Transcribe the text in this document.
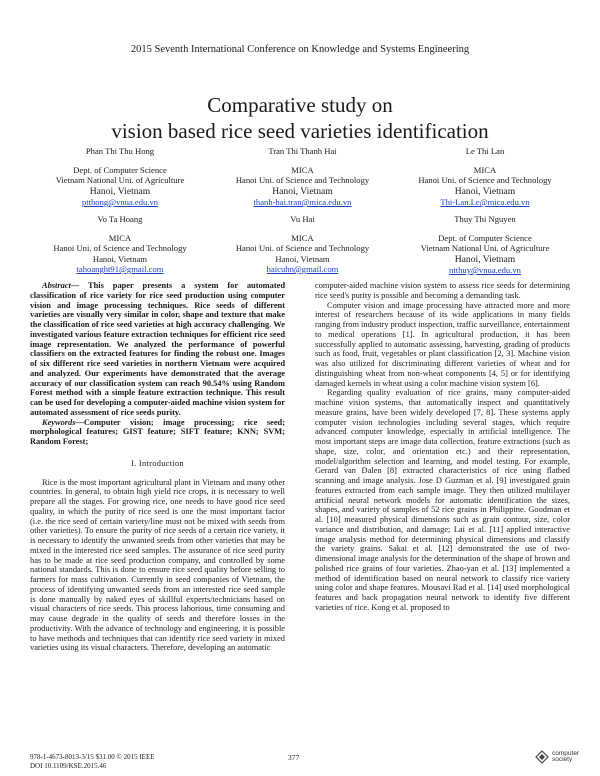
2015 Seventh International Conference on Knowledge and Systems Engineering
Comparative study on
vision based rice seed varieties identification
Phan Thi Thu Hong
Dept. of Computer Science
Vietnam National Uni. of Agriculture
Hanoi, Vietnam
ptthong@vnua.edu.vn
Tran Thi Thanh Hai
MICA
Hanoi Uni. of Science and Technology
Hanoi, Vietnam
thanh-hai.tran@mica.edu.vn
Le Thi Lan
MICA
Hanoi Uni. of Science and Technology
Hanoi, Vietnam
Thi-Lan.Le@mica.edu.vn
Vo Ta Hoang
MICA
Hanoi Uni. of Science and Technology
Hanoi, Vietnam
tahoanght91@gmail.com
Vu Hai
MICA
Hanoi Uni. of Science and Technology
Hanoi, Vietnam
haicuhn@gmail.com
Thuy Thi Nguyen
Dept. of Computer Science
Vietnam National Uni. of Agriculture
Hanoi, Vietnam
ntthuy@vnua.edu.vn

Abstract— This paper presents a system for automated classification of rice variety for rice seed production using computer vision and image processing techniques. Rice seeds of different varieties are visually very similar in color, shape and texture that make the classification of rice seed varieties at high accuracy challenging. We investigated various feature extraction techniques for efficient rice seed image representation. We analyzed the performance of powerful classifiers on the extracted features for finding the robust one. Images of six different rice seed varieties in northern Vietnam were acquired and analyzed. Our experiments have demonstrated that the average accuracy of our classification system can reach 90.54% using Random Forest method with a simple feature extraction technique. This result can be used for developing a computer-aided machine vision system for automated assessment of rice seeds purity.

Keywords—Computer vision; image processing; rice seed; morphological features; GIST feature; SIFT feature; KNN; SVM; Random Forest;

I. Introduction

Rice is the most important agricultural plant in Vietnam and many other countries. In general, to obtain high yield rice crops, it is necessary to well prepare all the stages. For growing rice, one needs to have good rice seed quality, in which the purity of rice seed is one the most important factor (i.e. the rice seed of certain variety/line must not be mixed with seeds from other varieties). To ensure the purity of rice seeds of a certain rice variety, it is necessary to identify the unwanted seeds from other varieties that may be mixed in the interested rice seed samples. The assurance of rice seed purity has to be made at rice seed production company, and controlled by some national standards. This is done to ensure rice seed quality before selling to farmers for mass cultivation. Currently in seed companies of Vietnam, the process of identifying unwanted seeds from an interested rice seed sample is done manually by naked eyes of skillful experts/technicians based on visual characters of rice seeds. This process laborious, time consuming and may cause degrade in the quality of seeds and therefore losses in the productivity. With the advance of technology and engineering, it is possible to have methods and techniques that can identify rice seed variety in mixed varieties using its visual characters. Therefore, developing an automatic

computer-aided machine vision system to assess rice seeds for determining rice seed's purity is possible and becoming a demanding task.

Computer vision and image processing have attracted more and more interest of researchers because of its wide applications in many fields ranging from industry product inspection, traffic surveillance, entertainment to medical operations [1]. In agricultural production, it has been successfully applied to automatic assessing, harvesting, grading of products such as food, fruit, vegetables or plant classification [2, 3]. Machine vision was also utilized for discriminating different varieties of wheat and for distinguishing wheat from non-wheat components [4, 5] or for identifying damaged kernels in wheat using a color machine vision system [6].

Regarding quality evaluation of rice grains, many computer-aided machine vision systems, that automatically inspect and quantitatively measure grains, have been widely developed [7, 8]. These systems apply computer vision technologies including several stages, which require advanced computer knowledge, especially in artificial intelligence. The most important steps are image data collection, feature extractions (such as shape, size, color, and orientation etc.) and their representation, model/algorithm selection and learning, and model testing. For example, Gerard van Dalen [8] extracted characteristics of rice using flatbed scanning and image analysis. Jose D Guzman et al. [9] investigated grain features extracted from each sample image. They then utilized multilayer artificial neural network models for automatic identification the sizes, shapes, and variety of samples of 52 rice grains in Philippine. Goodman et al. [10] measured physical dimensions such as grain contour, size, color variance and distribution, and damage; Lai et al. [11] applied interactive image analysis method for determining physical dimensions and classify the variety grains. Sakai et al. [12] demonstrated the use of two-dimensional image analysis for the determination of the shape of brown and polished rice grains of four varieties. Zhao-yan et al. [13] implemented a method of identification based on neural network to classify rice variety using color and shape features. Mousavi Rad et al. [14] used morphological features and back propagation neural network to identify five different varieties of rice. Kong et al. proposed to

978-1-4673-8013-3/15 $31.00 © 2015 IEEE
DOI 10.1109/KSE.2015.46
377	computer
society
